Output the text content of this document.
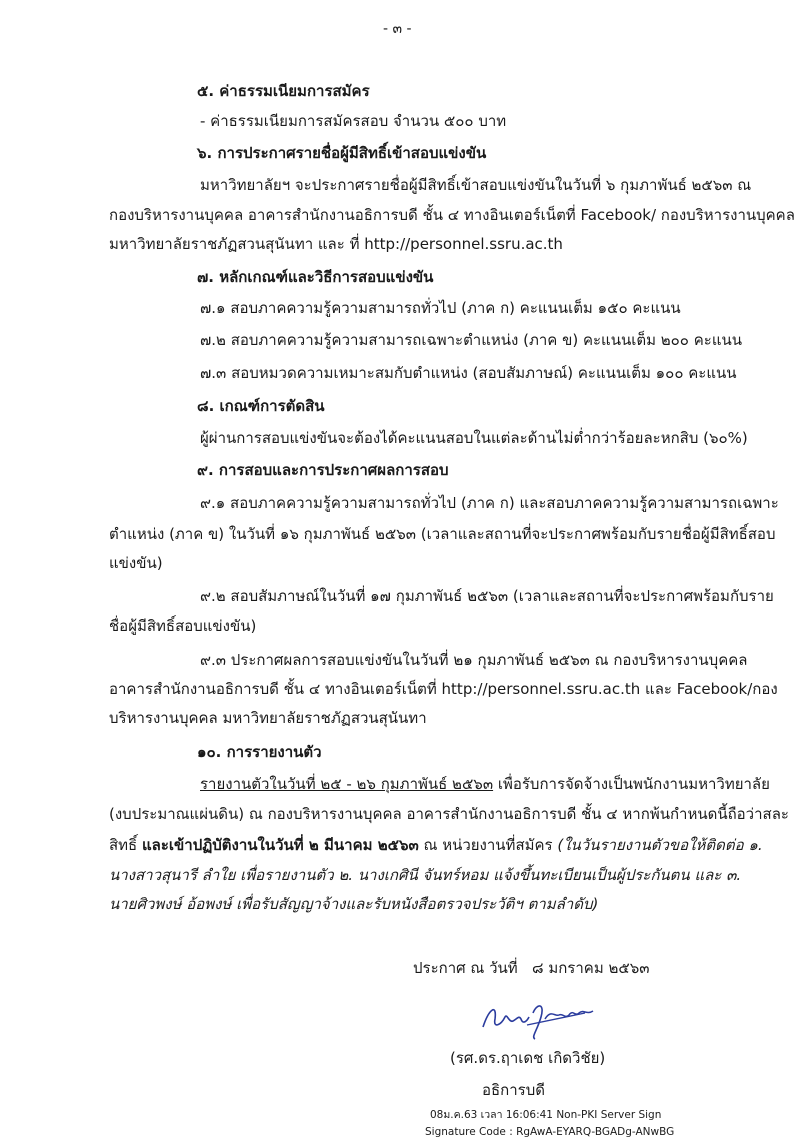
- ๓ -
๕. ค่าธรรมเนียมการสมัคร
- ค่าธรรมเนียมการสมัครสอบ จำนวน ๕๐๐ บาท
๖. การประกาศรายชื่อผู้มีสิทธิ์เข้าสอบแข่งขัน
มหาวิทยาลัยฯ จะประกาศรายชื่อผู้มีสิทธิ์เข้าสอบแข่งขันในวันที่ ๖ กุมภาพันธ์ ๒๕๖๓ ณ
กองบริหารงานบุคคล อาคารสำนักงานอธิการบดี ชั้น ๔ ทางอินเตอร์เน็ตที่ Facebook/ กองบริหารงานบุคคล
มหาวิทยาลัยราชภัฏสวนสุนันทา และ ที่ http://personnel.ssru.ac.th
๗. หลักเกณฑ์และวิธีการสอบแข่งขัน
๗.๑ สอบภาคความรู้ความสามารถทั่วไป (ภาค ก) คะแนนเต็ม ๑๕๐ คะแนน
๗.๒ สอบภาคความรู้ความสามารถเฉพาะตำแหน่ง (ภาค ข) คะแนนเต็ม ๒๐๐ คะแนน
๗.๓ สอบหมวดความเหมาะสมกับตำแหน่ง (สอบสัมภาษณ์) คะแนนเต็ม ๑๐๐ คะแนน
๘. เกณฑ์การตัดสิน
ผู้ผ่านการสอบแข่งขันจะต้องได้คะแนนสอบในแต่ละด้านไม่ต่ำกว่าร้อยละหกสิบ (๖๐%)
๙. การสอบและการประกาศผลการสอบ
๙.๑ สอบภาคความรู้ความสามารถทั่วไป (ภาค ก) และสอบภาคความรู้ความสามารถเฉพาะ
ตำแหน่ง (ภาค ข) ในวันที่ ๑๖ กุมภาพันธ์ ๒๕๖๓ (เวลาและสถานที่จะประกาศพร้อมกับรายชื่อผู้มีสิทธิ์สอบ
แข่งขัน)
๙.๒ สอบสัมภาษณ์ในวันที่ ๑๗ กุมภาพันธ์ ๒๕๖๓ (เวลาและสถานที่จะประกาศพร้อมกับราย
ชื่อผู้มีสิทธิ์สอบแข่งขัน)
๙.๓ ประกาศผลการสอบแข่งขันในวันที่ ๒๑ กุมภาพันธ์ ๒๕๖๓ ณ กองบริหารงานบุคคล
อาคารสำนักงานอธิการบดี ชั้น ๔ ทางอินเตอร์เน็ตที่ http://personnel.ssru.ac.th และ Facebook/กอง
บริหารงานบุคคล มหาวิทยาลัยราชภัฏสวนสุนันทา
๑๐. การรายงานตัว
รายงานตัวในวันที่ ๒๕ - ๒๖ กุมภาพันธ์ ๒๕๖๓ เพื่อรับการจัดจ้างเป็นพนักงานมหาวิทยาลัย
(งบประมาณแผ่นดิน) ณ กองบริหารงานบุคคล อาคารสำนักงานอธิการบดี ชั้น ๔ หากพ้นกำหนดนี้ถือว่าสละ
สิทธิ์ และเข้าปฏิบัติงานในวันที่ ๒ มีนาคม ๒๕๖๓ ณ หน่วยงานที่สมัคร (ในวันรายงานตัวขอให้ติดต่อ ๑.
นางสาวสุนารี ลำใย เพื่อรายงานตัว ๒. นางเกศินี จันทร์หอม แจ้งขึ้นทะเบียนเป็นผู้ประกันตน และ ๓.
นายศิวพงษ์ อ้อพงษ์ เพื่อรับสัญญาจ้างและรับหนังสือตรวจประวัติฯ ตามลำดับ)
ประกาศ ณ วันที่ ๘ มกราคม ๒๕๖๓
(รศ.ดร.ฤาเดช เกิดวิชัย)
อธิการบดี
08ม.ค.63 เวลา 16:06:41 Non-PKI Server Sign
Signature Code : RgAwA-EYARQ-BGADg-ANwBG
